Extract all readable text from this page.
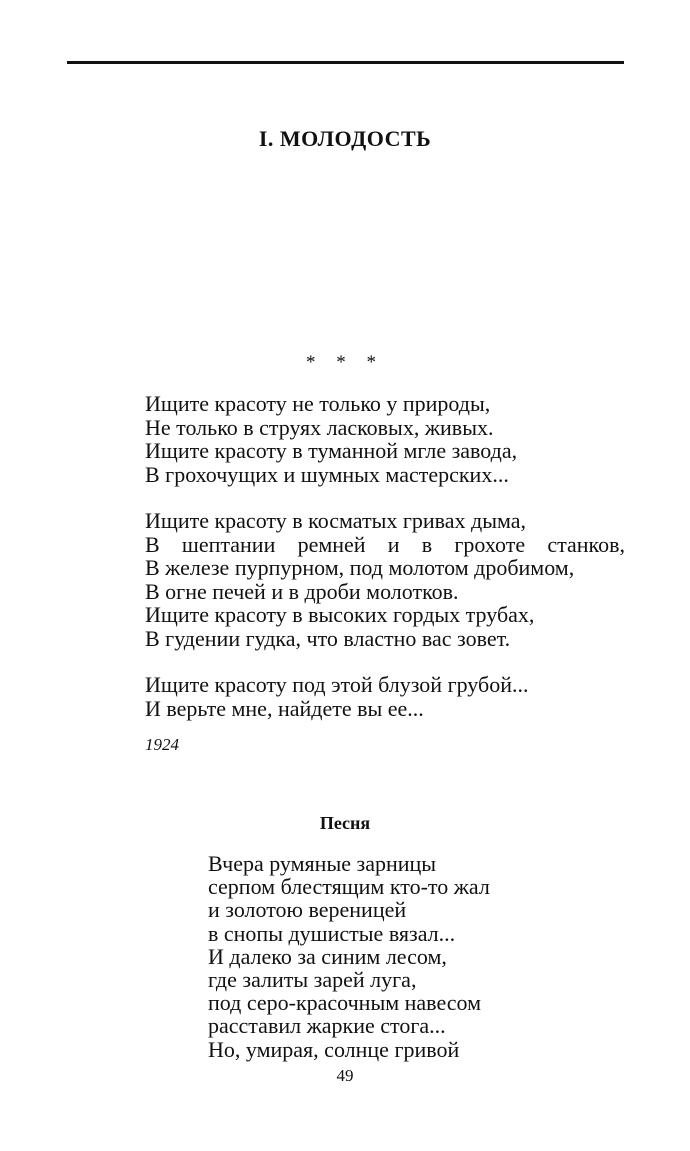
I. МОЛОДОСТЬ
* * *
Ищите красоту не только у природы,
Не только в струях ласковых, живых.
Ищите красоту в туманной мгле завода,
В грохочущих и шумных мастерских...
Ищите красоту в косматых гривах дыма,
В шептании ремней и в грохоте станков,
В железе пурпурном, под молотом дробимом,
В огне печей и в дроби молотков.
Ищите красоту в высоких гордых трубах,
В гудении гудка, что властно вас зовет.
Ищите красоту под этой блузой грубой...
И верьте мне, найдете вы ее...
1924
Песня
Вчера румяные зарницы
серпом блестящим кто-то жал
и золотою вереницей
в снопы душистые вязал...
И далеко за синим лесом,
где залиты зарей луга,
под серо-красочным навесом
расставил жаркие стога...
Но, умирая, солнце гривой
49
